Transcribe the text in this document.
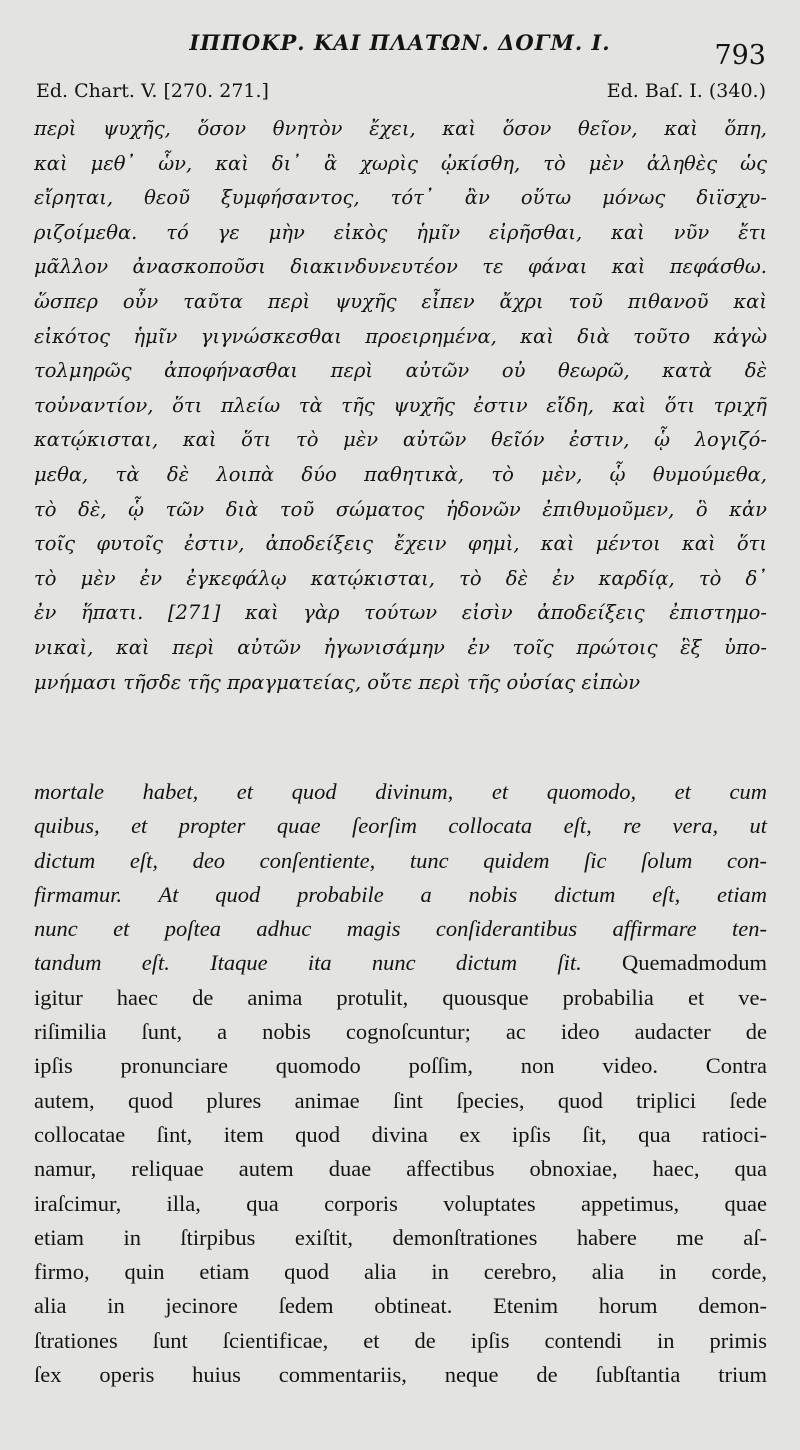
ΙΠΠΟΚΡ. ΚΑΙ ΠΛΑΤΩΝ. ΔΟΓΜ. Ι.	793
Ed. Chart. V. [270. 271.]	Ed. Baſ. I. (340.)
περὶ ψυχῆς, ὅσον θνητὸν ἔχει, καὶ ὅσον θεῖον, καὶ ὅπη,
καὶ μεθ᾽ ὧν, καὶ δι᾽ ἃ χωρὶς ᾠκίσθη, τὸ μὲν ἀληθὲς ὡς
εἴρηται, θεοῦ ξυμφήσαντος, τότ᾽ ἂν οὕτω μόνως διϊσχυ-
ριζοίμεθα. τό γε μὴν εἰκὸς ἡμῖν εἰρῆσθαι, καὶ νῦν ἔτι
μᾶλλον ἀνασκοποῦσι διακινδυνευτέον τε φάναι καὶ πεφάσθω.
ὥσπερ οὖν ταῦτα περὶ ψυχῆς εἶπεν ἄχρι τοῦ πιθανοῦ καὶ
εἰκότος ἡμῖν γιγνώσκεσθαι προειρημένα, καὶ διὰ τοῦτο κἀγὼ
τολμηρῶς ἀποφήνασθαι περὶ αὐτῶν οὐ θεωρῶ, κατὰ δὲ
τοὐναντίον, ὅτι πλείω τὰ τῆς ψυχῆς ἐστιν εἴδη, καὶ ὅτι τριχῆ
κατῴκισται, καὶ ὅτι τὸ μὲν αὐτῶν θεῖόν ἐστιν, ᾧ λογιζό-
μεθα, τὰ δὲ λοιπὰ δύο παθητικὰ, τὸ μὲν, ᾧ θυμούμεθα,
τὸ δὲ, ᾧ τῶν διὰ τοῦ σώματος ἡδονῶν ἐπιθυμοῦμεν, ὃ κἀν
τοῖς φυτοῖς ἐστιν, ἀποδείξεις ἔχειν φημὶ, καὶ μέντοι καὶ ὅτι
τὸ μὲν ἐν ἐγκεφάλῳ κατῴκισται, τὸ δὲ ἐν καρδίᾳ, τὸ δ᾽
ἐν ἥπατι. [271] καὶ γὰρ τούτων εἰσὶν ἀποδείξεις ἐπιστημο-
νικαὶ, καὶ περὶ αὐτῶν ἠγωνισάμην ἐν τοῖς πρώτοις ἓξ ὑπο-
μνήμασι τῆσδε τῆς πραγματείας, οὔτε περὶ τῆς οὐσίας εἰπὼν
mortale habet, et quod divinum, et quomodo, et cum
quibus, et propter quae ſeorſim collocata eſt, re vera, ut
dictum eſt, deo conſentiente, tunc quidem ſic ſolum con-
firmamur. At quod probabile a nobis dictum eſt, etiam
nunc et poſtea adhuc magis conſiderantibus affirmare ten-
tandum eſt. Itaque ita nunc dictum ſit. Quemadmodum
igitur haec de anima protulit, quousque probabilia et ve-
riſimilia ſunt, a nobis cognoſcuntur; ac ideo audacter de
ipſis pronunciare quomodo poſſim, non video. Contra
autem, quod plures animae ſint ſpecies, quod triplici ſede
collocatae ſint, item quod divina ex ipſis ſit, qua ratioci-
namur, reliquae autem duae affectibus obnoxiae, haec, qua
iraſcimur, illa, qua corporis voluptates appetimus, quae
etiam in ſtirpibus exiſtit, demonſtrationes habere me aſ-
firmo, quin etiam quod alia in cerebro, alia in corde,
alia in jecinore ſedem obtineat. Etenim horum demon-
ſtrationes ſunt ſcientificae, et de ipſis contendi in primis
ſex operis huius commentariis, neque de ſubſtantia trium
